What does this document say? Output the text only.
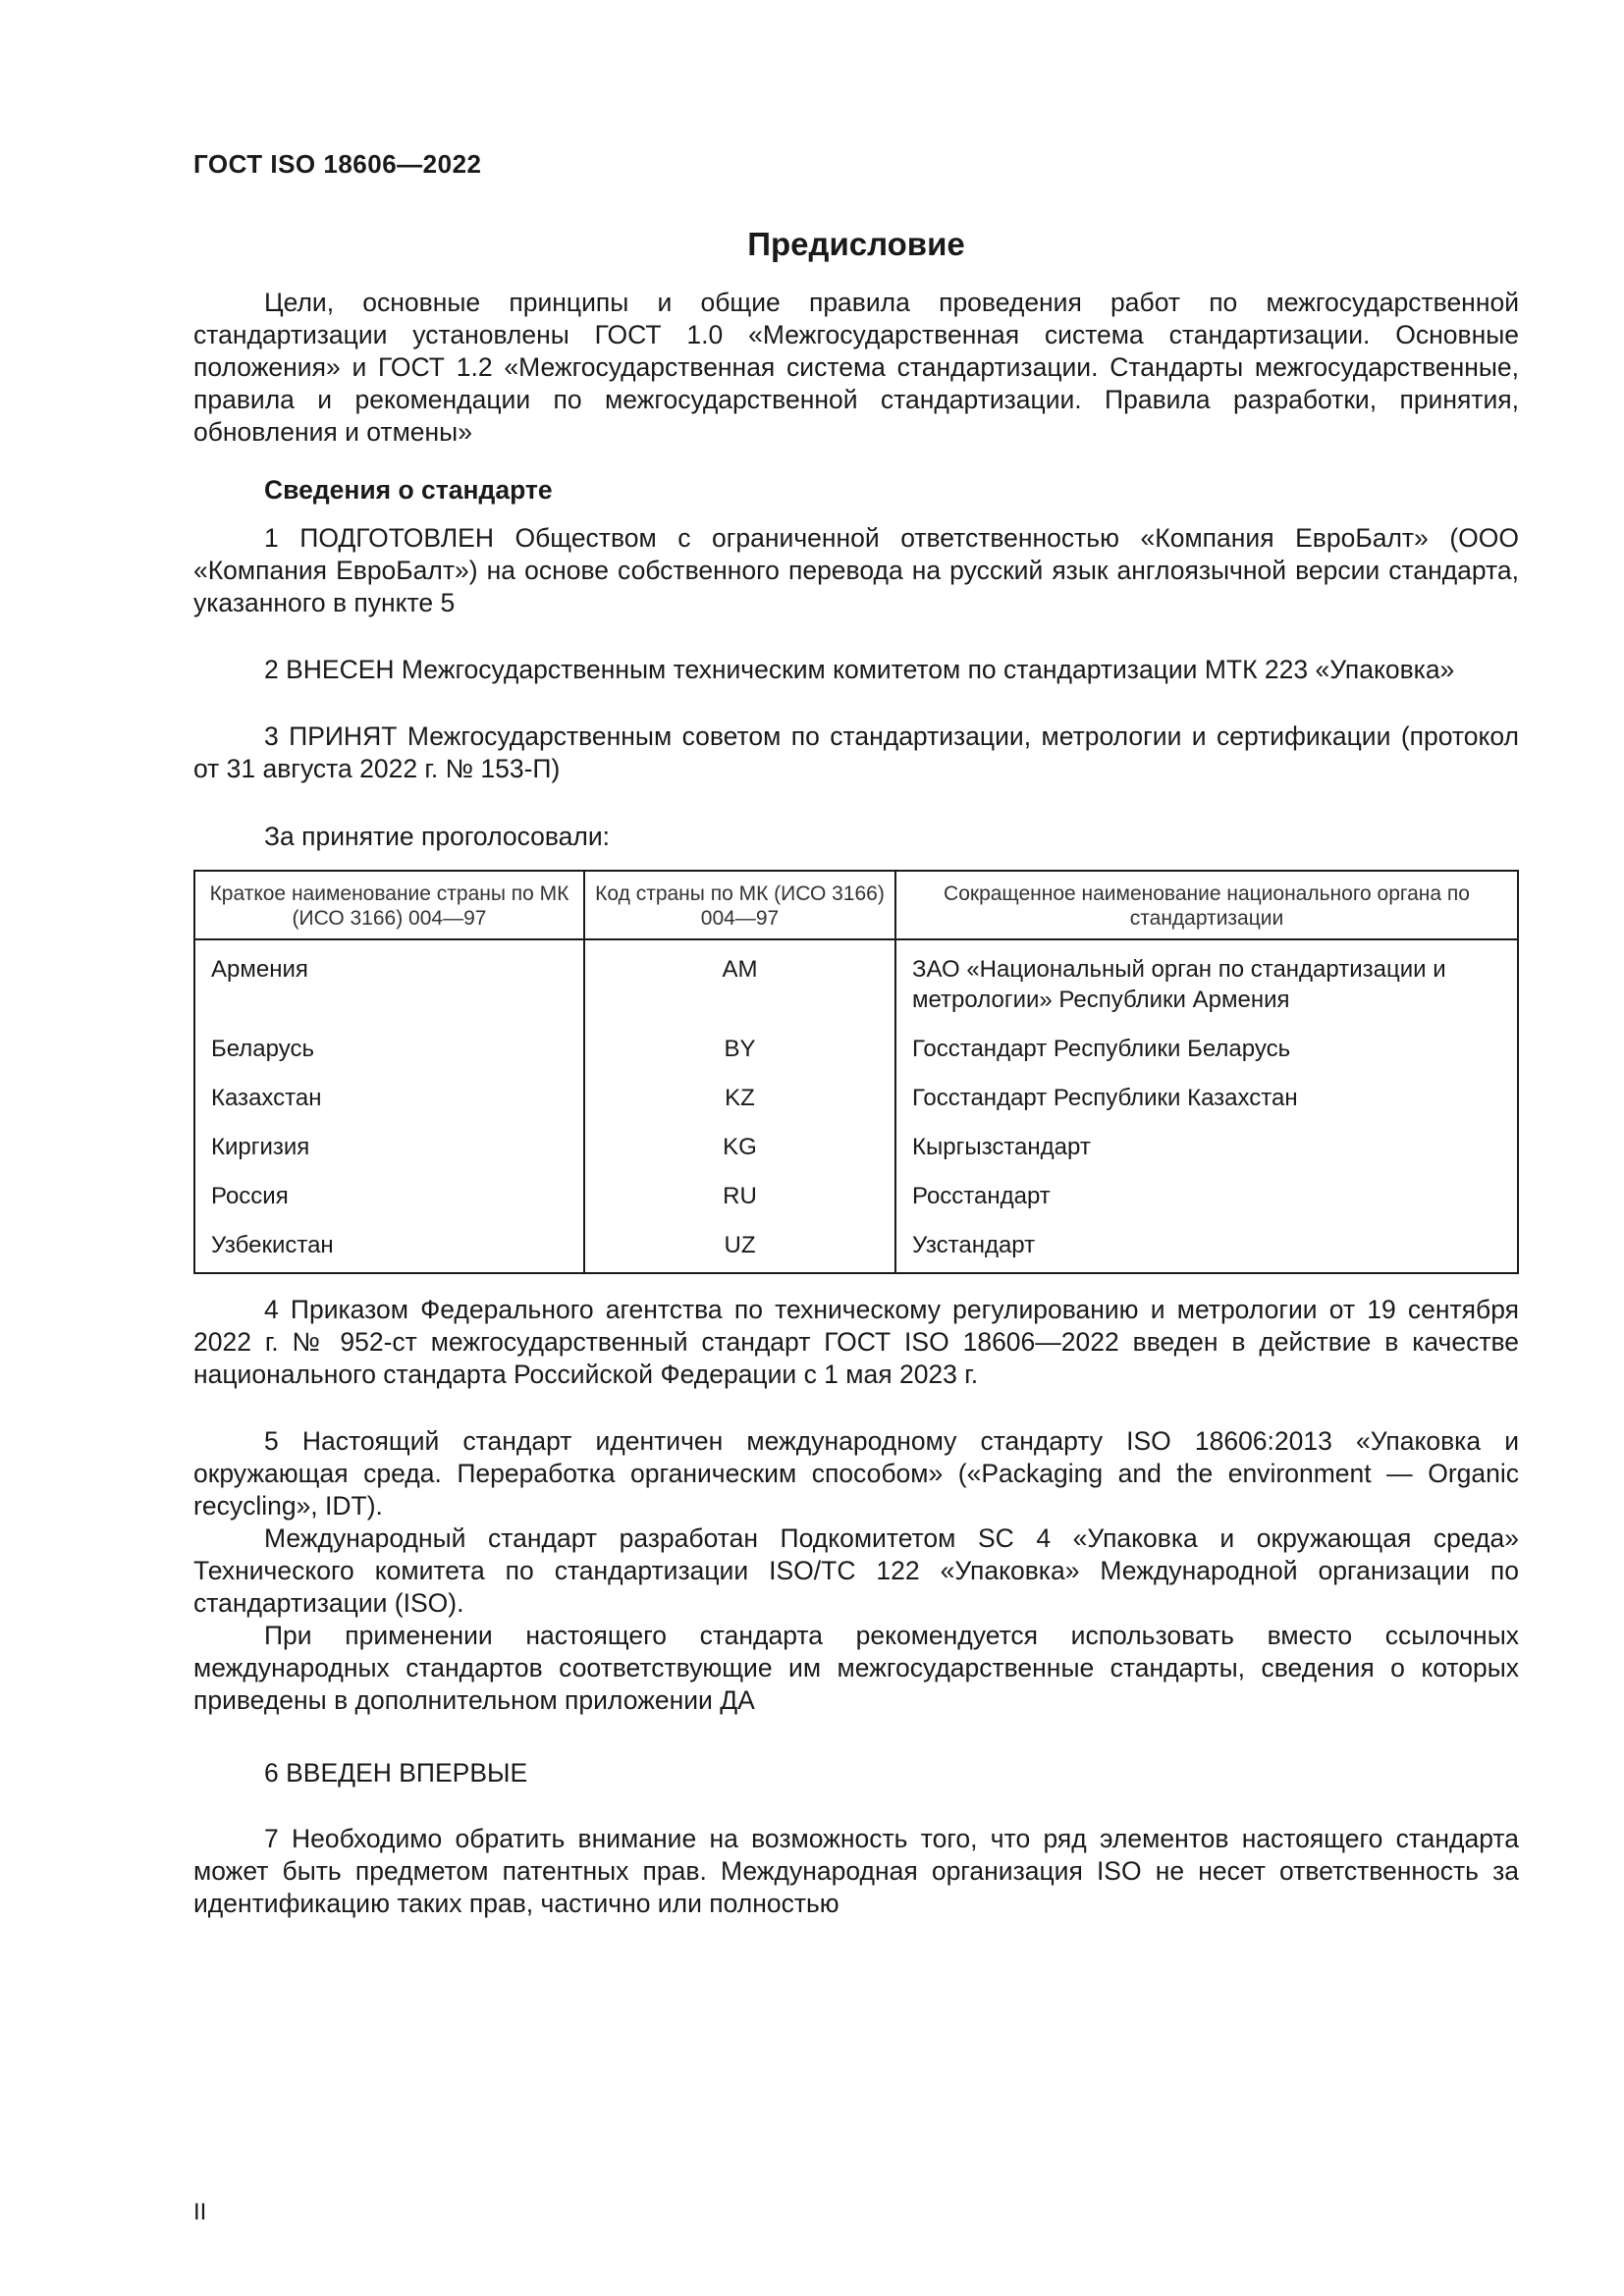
ГОСТ ISO 18606—2022
Предисловие

Цели, основные принципы и общие правила проведения работ по межгосударственной стандартизации установлены ГОСТ 1.0 «Межгосударственная система стандартизации. Основные положения» и ГОСТ 1.2 «Межгосударственная система стандартизации. Стандарты межгосударственные, правила и рекомендации по межгосударственной стандартизации. Правила разработки, принятия, обновления и отмены»

Сведения о стандарте

1 ПОДГОТОВЛЕН Обществом с ограниченной ответственностью «Компания ЕвроБалт» (ООО «Компания ЕвроБалт») на основе собственного перевода на русский язык англоязычной версии стандарта, указанного в пункте 5

2 ВНЕСЕН Межгосударственным техническим комитетом по стандартизации МТК 223 «Упаковка»

3 ПРИНЯТ Межгосударственным советом по стандартизации, метрологии и сертификации (протокол от 31 августа 2022 г. № 153-П)

За принятие проголосовали:
Краткое наименование страны по МК (ИСО 3166) 004—97	Код страны по МК (ИСО 3166) 004—97	Сокращенное наименование национального органа по стандартизации
Армения	AM	ЗАО «Национальный орган по стандартизации и метрологии» Республики Армения
Беларусь	BY	Госстандарт Республики Беларусь
Казахстан	KZ	Госстандарт Республики Казахстан
Киргизия	KG	Кыргызстандарт
Россия	RU	Росстандарт
Узбекистан	UZ	Узстандарт

4 Приказом Федерального агентства по техническому регулированию и метрологии от 19 сентября 2022 г. № 952-ст межгосударственный стандарт ГОСТ ISO 18606—2022 введен в действие в качестве национального стандарта Российской Федерации с 1 мая 2023 г.

5 Настоящий стандарт идентичен международному стандарту ISO 18606:2013 «Упаковка и окружающая среда. Переработка органическим способом» («Packaging and the environment — Organic recycling», IDT).

Международный стандарт разработан Подкомитетом SC 4 «Упаковка и окружающая среда» Технического комитета по стандартизации ISO/TC 122 «Упаковка» Международной организации по стандартизации (ISO).

При применении настоящего стандарта рекомендуется использовать вместо ссылочных международных стандартов соответствующие им межгосударственные стандарты, сведения о которых приведены в дополнительном приложении ДА

6 ВВЕДЕН ВПЕРВЫЕ

7 Необходимо обратить внимание на возможность того, что ряд элементов настоящего стандарта может быть предметом патентных прав. Международная организация ISO не несет ответственность за идентификацию таких прав, частично или полностью

II
